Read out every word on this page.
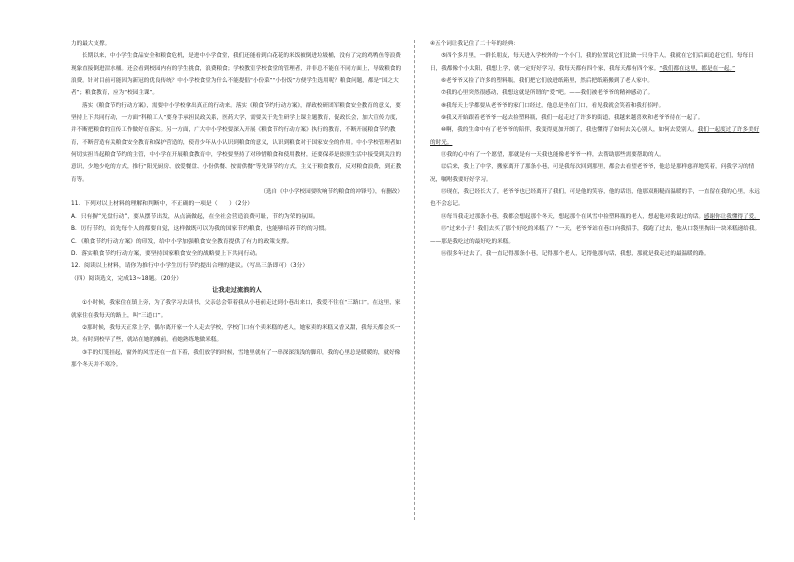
力的最大支撑。

长期以来，中小学生食品安全和粮食危机，是进中小学食堂，我们还能看到白花花的米饭被倒进垃圾桶，没有了完的鸡鸭鱼等浪费现象直接倒进泔水桶。还会看到校园内有的学生挑食，浪费粮食；学校教室学校食堂的管理者，并非总不能在不同方面上，导致粮食的浪费。针对目前可能因为新冠的优良传统？中小学校食堂为什么不能提倡“小份菜”“小份饭”方便学生选用呢？粮食问题，都是“国之大者”；粮食教育，应为“校园主课”。

落实《粮食节约行动方案》，需要中小学校拿出真正的行动来。落实《粮食节约行动方案》，群政校研团军粮食安全教育的意义，要坚持上下共同行动，一方面“科粮工人”要身手承担民政关系，医药大学，需要关于先生研学上课主题教育，促政长会，加大宣传力度，并不断把粮食的宣传工作做好在落实。另一方面，广大中小学校要深入开展《粮食节约行动方案》执行的教育，不断开展粮食节约教育，不断营造有关粮食安全教育和保护营造的，使青少年从小认识到粮食的意义，认识到粮食对于国家安全的作用。中小学校管理者如何切实担当起粮食节约的主管，中小学在开展粮食教育中，学校要坚持了对珍惜粮食和使用教材，还要保养是依照生活中接受到关注的意识，少地少吃的方式，推行“阳光厨房、放爱餐盘、小份供餐、按需供餐”等先锋节约方式，主义于粮食教育，反对粮食浪费，到正教育等。

（选自《中小学校园要吹响节约粮食的冲锋号》，有删改）

11．下列对以上材料的理解和判断中，不正确的一项是（　　）（2分）

A．只有摒“光盘行动”，要从摆节出发，从点滴做起，在全社会营造浪费可耻，节约为荣的氛围。

B．厉行节约，首先每个人的都要自觉，这样做既可以为我的国家节约粮食，也能够培养节约的习惯。

C．《粮食节约行动方案》的印发，给中小学加强粮食安全教育提供了有力的政策支撑。

D．落实粮食节约行动方案，要坚持国家粮食安全的战略要上下共同行动。

12．阅读以上材料，请你为推行中小学生厉行节约提出合理的建议。（写出三条即可）（3分）

（四）阅读选文，完成13~18题。（20分）

让我走过流浪的人

①小时候，我家住在镇上旁，为了我学习去读书，父亲总会带着我从小巷前走过到小巷出来口，我爱不往在“三路口”。在这里，家就家住在我每天的路上，叫“三道口”。

②那时候，我每天正常上学，偶尔离开家一个人走去学校，学校门口有个卖米糕的老人，她家卖的米糕又香又甜，我每天都会买一块。有时到校早了些，就站在她的摊前，看她熟练地做米糕。

③手的灯笼挂起，窗外的风雪还在一直下着，我们放学的时候，雪地里就有了一串深深浅浅的脚印，我的心里总是暖暖的，就好像那个冬天并不寒冷。

④五个词让我记住了二十年的经典：

⑤四个多月里，一群长朋友，每天进入学校外的一个小门，我的位置说它们比做一只身手人，我就在它们后面追赶它们，每每日日，我都像个小太阳，我想上学，就一定好好学习，我每天都有四个家，我每天都有四个家。“我们都在这里，都是在一起。”

⑥老爷爷又捡了许多的塑料瓶，我们把它们放进纸箱里，然后把纸箱搬到了老人家中。

⑦我的心里突然很感动，我想这就是所谓的“爱”吧。——我们被老爷爷的精神感动了。

⑧我每天上学都要从老爷爷的家门口经过，他总是坐在门口，看见我就会笑着和我打招呼。

⑨我又开始跟着老爷爷一起去捡塑料瓶，我们一起走过了许多的街道，我越来越喜欢和老爷爷待在一起了。

⑩啊，我的生命中有了老爷爷的陪伴，我变得更加开朗了，我也懂得了如何去关心别人，如何去爱别人。我们一起度过了许多美好的时光。

⑪我的心中有了一个愿望，那就是有一天我也能像老爷爷一样，去帮助那些需要帮助的人。

⑫后来，我上了中学，搬家离开了那条小巷，可是我每次回到那里，都会去看望老爷爷，他总是那样慈祥地笑着，问我学习的情况，嘱咐我要好好学习。

⑬现在，我已经长大了，老爷爷也已经离开了我们，可是他的笑容，他的话语，他那双粗糙而温暖的手，一直留在我的心里，永远也不会忘记。

⑭每当我走过那条小巷，我都会想起那个冬天，想起那个在风雪中捡塑料瓶的老人，想起他对我说过的话。感谢你让我懂得了爱。

⑮“过来小子！我们去买了那个好吃的米糕了？”一天，老爷爷站在巷口向我招手，我跑了过去，他从口袋里掏出一块米糕递给我。——那是我吃过的最好吃的米糕。

⑯很多年过去了，我一直记得那条小巷，记得那个老人，记得他那句话，我想，那就是我走过的最温暖的路。
